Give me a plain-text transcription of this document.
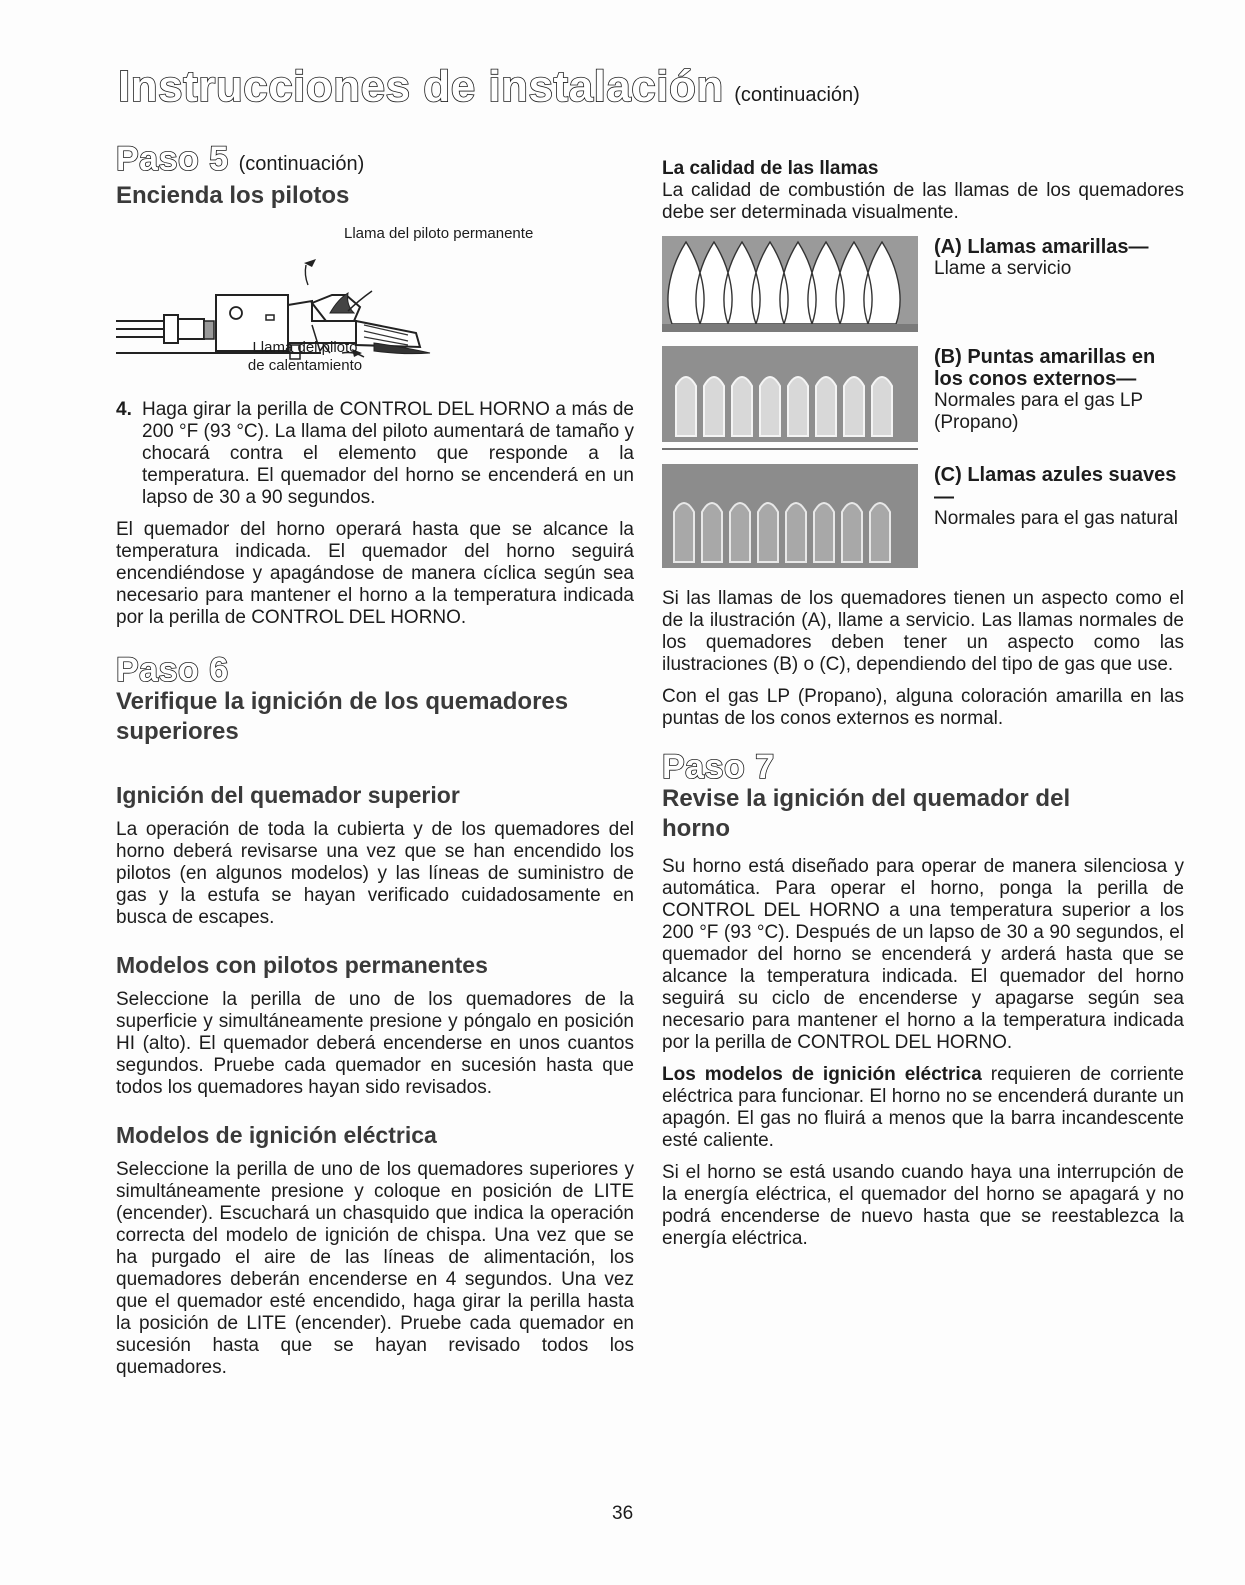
Instrucciones de instalación (continuación)
Paso 5 (continuación)
Encienda los pilotos
Llama del piloto permanente
Llama del piloto
de calentamiento
4. Haga girar la perilla de CONTROL DEL HORNO a más de 200 °F (93 °C). La llama del piloto aumentará de tamaño y chocará contra el elemento que responde a la temperatura. El quemador del horno se encenderá en un lapso de 30 a 90 segundos.

El quemador del horno operará hasta que se alcance la temperatura indicada. El quemador del horno seguirá encendiéndose y apagándose de manera cíclica según sea necesario para mantener el horno a la temperatura indicada por la perilla de CONTROL DEL HORNO.

Paso 6
Verifique la ignición de los quemadores superiores
Ignición del quemador superior

La operación de toda la cubierta y de los quemadores del horno deberá revisarse una vez que se han encendido los pilotos (en algunos modelos) y las líneas de suministro de gas y la estufa se hayan verificado cuidadosamente en busca de escapes.

Modelos con pilotos permanentes

Seleccione la perilla de uno de los quemadores de la superficie y simultáneamente presione y póngalo en posición HI (alto). El quemador deberá encenderse en unos cuantos segundos. Pruebe cada quemador en sucesión hasta que todos los quemadores hayan sido revisados.

Modelos de ignición eléctrica

Seleccione la perilla de uno de los quemadores superiores y simultáneamente presione y coloque en posición de LITE (encender). Escuchará un chasquido que indica la operación correcta del modelo de ignición de chispa. Una vez que se ha purgado el aire de las líneas de alimentación, los quemadores deberán encenderse en 4 segundos. Una vez que el quemador esté encendido, haga girar la perilla hasta la posición de LITE (encender). Pruebe cada quemador en sucesión hasta que se hayan revisado todos los quemadores.

La calidad de las llamas

La calidad de combustión de las llamas de los quemadores debe ser determinada visualmente.

(A) Llamas amarillas—
Llame a servicio
(B) Puntas amarillas en los conos externos—
Normales para el gas LP (Propano)
(C) Llamas azules suaves—
Normales para el gas natural

Si las llamas de los quemadores tienen un aspecto como el de la ilustración (A), llame a servicio. Las llamas normales de los quemadores deben tener un aspecto como las ilustraciones (B) o (C), dependiendo del tipo de gas que use.

Con el gas LP (Propano), alguna coloración amarilla en las puntas de los conos externos es normal.

Paso 7
Revise la ignición del quemador del horno

Su horno está diseñado para operar de manera silenciosa y automática. Para operar el horno, ponga la perilla de CONTROL DEL HORNO a una temperatura superior a los 200 °F (93 °C). Después de un lapso de 30 a 90 segundos, el quemador del horno se encenderá y arderá hasta que se alcance la temperatura indicada. El quemador del horno seguirá su ciclo de encenderse y apagarse según sea necesario para mantener el horno a la temperatura indicada por la perilla de CONTROL DEL HORNO.

Los modelos de ignición eléctrica requieren de corriente eléctrica para funcionar. El horno no se encenderá durante un apagón. El gas no fluirá a menos que la barra incandescente esté caliente.

Si el horno se está usando cuando haya una interrupción de la energía eléctrica, el quemador del horno se apagará y no podrá encenderse de nuevo hasta que se reestablezca la energía eléctrica.

36
